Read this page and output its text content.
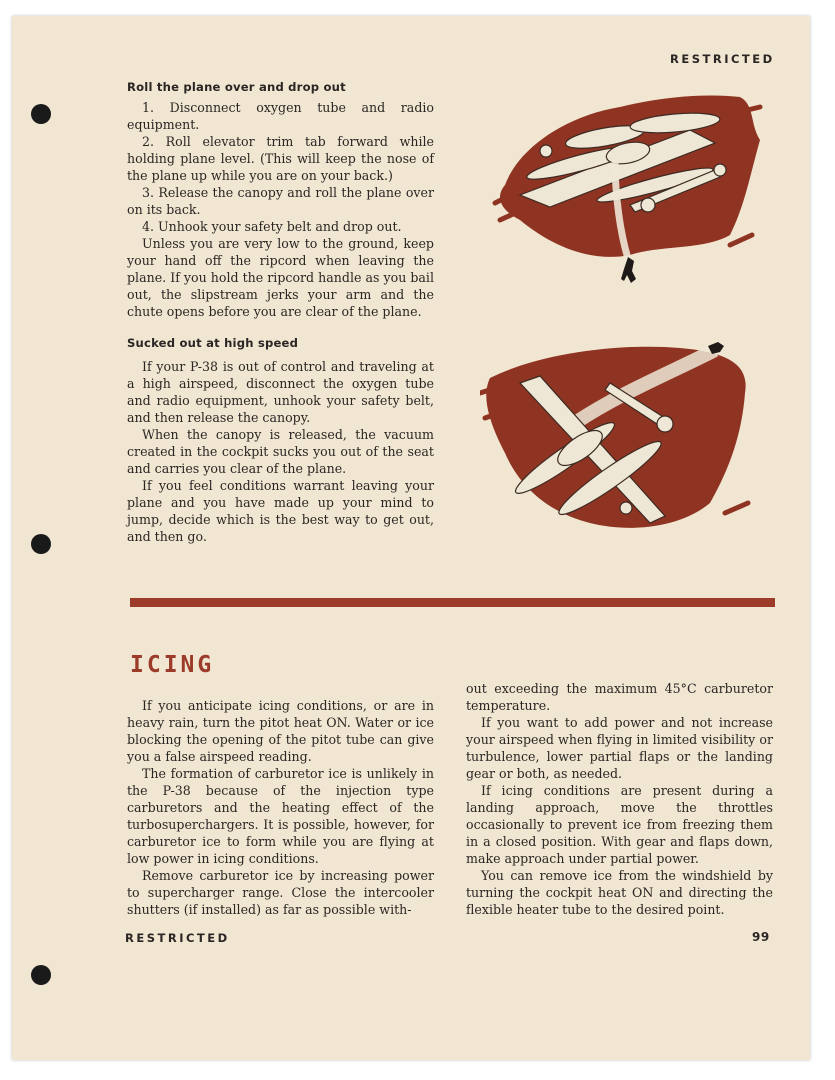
RESTRICTED

Roll the plane over and drop out

1. Disconnect oxygen tube and radio equipment.

2. Roll elevator trim tab forward while holding plane level. (This will keep the nose of the plane up while you are on your back.)

3. Release the canopy and roll the plane over on its back.

4. Unhook your safety belt and drop out.

Unless you are very low to the ground, keep your hand off the ripcord when leaving the plane. If you hold the ripcord handle as you bail out, the slipstream jerks your arm and the chute opens before you are clear of the plane.

Sucked out at high speed

If your P-38 is out of control and traveling at a high airspeed, disconnect the oxygen tube and radio equipment, unhook your safety belt, and then release the canopy.

When the canopy is released, the vacuum created in the cockpit sucks you out of the seat and carries you clear of the plane.

If you feel conditions warrant leaving your plane and you have made up your mind to jump, decide which is the best way to get out, and then go.

ICING

If you anticipate icing conditions, or are in heavy rain, turn the pitot heat ON. Water or ice blocking the opening of the pitot tube can give you a false airspeed reading.

The formation of carburetor ice is unlikely in the P-38 because of the injection type carburetors and the heating effect of the turbosuperchargers. It is possible, however, for carburetor ice to form while you are flying at low power in icing conditions.

Remove carburetor ice by increasing power to supercharger range. Close the intercooler shutters (if installed) as far as possible with-

out exceeding the maximum 45°C carburetor temperature.

If you want to add power and not increase your airspeed when flying in limited visibility or turbulence, lower partial flaps or the landing gear or both, as needed.

If icing conditions are present during a landing approach, move the throttles occasionally to prevent ice from freezing them in a closed position. With gear and flaps down, make approach under partial power.

You can remove ice from the windshield by turning the cockpit heat ON and directing the flexible heater tube to the desired point.

RESTRICTED	99
